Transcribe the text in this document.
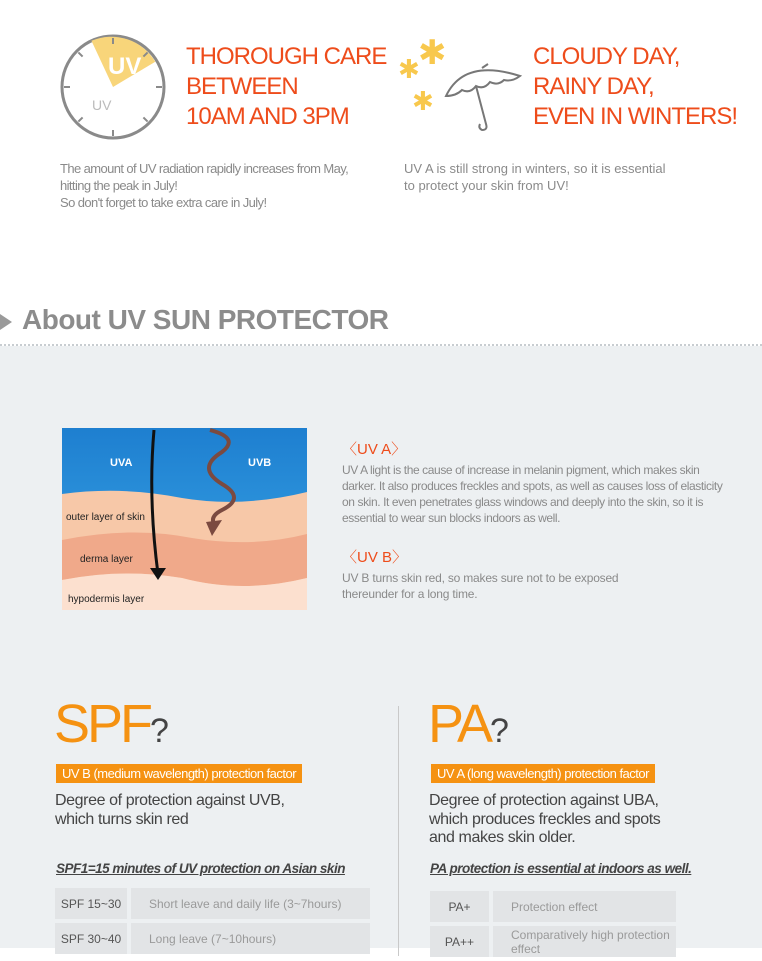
UV
UV
THOROUGH CARE
BETWEEN
10AM AND 3PM
The amount of UV radiation rapidly increases from May,
hitting the peak in July!
So don't forget to take extra care in July!
✱
✱
✱
CLOUDY DAY,
RAINY DAY,
EVEN IN WINTERS!
UV A is still strong in winters, so it is essential
to protect your skin from UV!
About UV SUN PROTECTOR
UVA	UVB
outer layer of skin
derma layer
hypodermis layer
〈UV A〉
UV A light is the cause of increase in melanin pigment, which makes skin darker. It also produces freckles and spots, as well as causes loss of elasticity on skin. It even penetrates glass windows and deeply into the skin, so it is essential to wear sun blocks indoors as well.
〈UV B〉
UV B turns skin red, so makes sure not to be exposed thereunder for a long time.
SPF?
UV B (medium wavelength) protection factor
Degree of protection against UVB,
which turns skin red
SPF1=15 minutes of UV protection on Asian skin
SPF 15~30	Short leave and daily life (3~7hours)
SPF 30~40	Long leave (7~10hours)
PA?
UV A (long wavelength) protection factor
Degree of protection against UBA,
which produces freckles and spots
and makes skin older.
PA protection is essential at indoors as well.
PA+	Protection effect
PA++	Comparatively high protection effect
